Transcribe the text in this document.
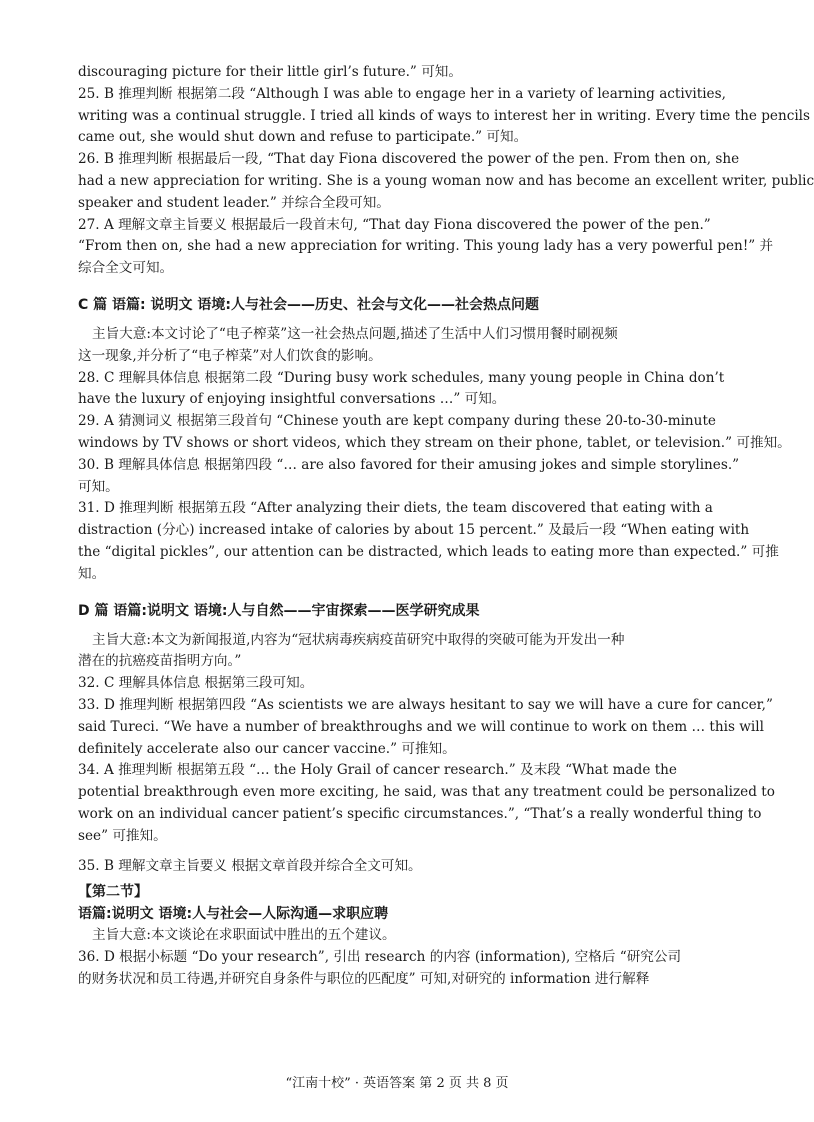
discouraging picture for their little girl’s future.” 可知。
25. B 推理判断 根据第二段 “Although I was able to engage her in a variety of learning activities,
writing was a continual struggle. I tried all kinds of ways to interest her in writing. Every time the pencils
came out, she would shut down and refuse to participate.” 可知。
26. B 推理判断 根据最后一段, “That day Fiona discovered the power of the pen. From then on, she
had a new appreciation for writing. She is a young woman now and has become an excellent writer, public
speaker and student leader.” 并综合全段可知。
27. A 理解文章主旨要义 根据最后一段首末句, “That day Fiona discovered the power of the pen.”
“From then on, she had a new appreciation for writing. This young lady has a very powerful pen!” 并
综合全文可知。
C 篇 语篇: 说明文 语境:人与社会——历史、社会与文化——社会热点问题
主旨大意:本文讨论了“电子榨菜”这一社会热点问题,描述了生活中人们习惯用餐时刷视频
这一现象,并分析了“电子榨菜”对人们饮食的影响。
28. C 理解具体信息 根据第二段 “During busy work schedules, many young people in China don’t
have the luxury of enjoying insightful conversations …” 可知。
29. A 猜测词义 根据第三段首句 “Chinese youth are kept company during these 20-to-30-minute
windows by TV shows or short videos, which they stream on their phone, tablet, or television.” 可推知。
30. B 理解具体信息 根据第四段 “… are also favored for their amusing jokes and simple storylines.”
可知。
31. D 推理判断 根据第五段 “After analyzing their diets, the team discovered that eating with a
distraction (分心) increased intake of calories by about 15 percent.” 及最后一段 “When eating with
the “digital pickles”, our attention can be distracted, which leads to eating more than expected.” 可推
知。
D 篇 语篇:说明文 语境:人与自然——宇宙探索——医学研究成果
主旨大意:本文为新闻报道,内容为“冠状病毒疾病疫苗研究中取得的突破可能为开发出一种
潜在的抗癌疫苗指明方向。”
32. C 理解具体信息 根据第三段可知。
33. D 推理判断 根据第四段 “As scientists we are always hesitant to say we will have a cure for cancer,”
said Tureci. “We have a number of breakthroughs and we will continue to work on them … this will
definitely accelerate also our cancer vaccine.” 可推知。
34. A 推理判断 根据第五段 “… the Holy Grail of cancer research.” 及末段 “What made the
potential breakthrough even more exciting, he said, was that any treatment could be personalized to
work on an individual cancer patient’s specific circumstances.”, “That’s a really wonderful thing to
see” 可推知。
35. B 理解文章主旨要义 根据文章首段并综合全文可知。
【第二节】
语篇:说明文 语境:人与社会—人际沟通—求职应聘
主旨大意:本文谈论在求职面试中胜出的五个建议。
36. D 根据小标题 “Do your research”, 引出 research 的内容 (information), 空格后 “研究公司
的财务状况和员工待遇,并研究自身条件与职位的匹配度” 可知,对研究的 information 进行解释
“江南十校” · 英语答案 第 2 页 共 8 页
